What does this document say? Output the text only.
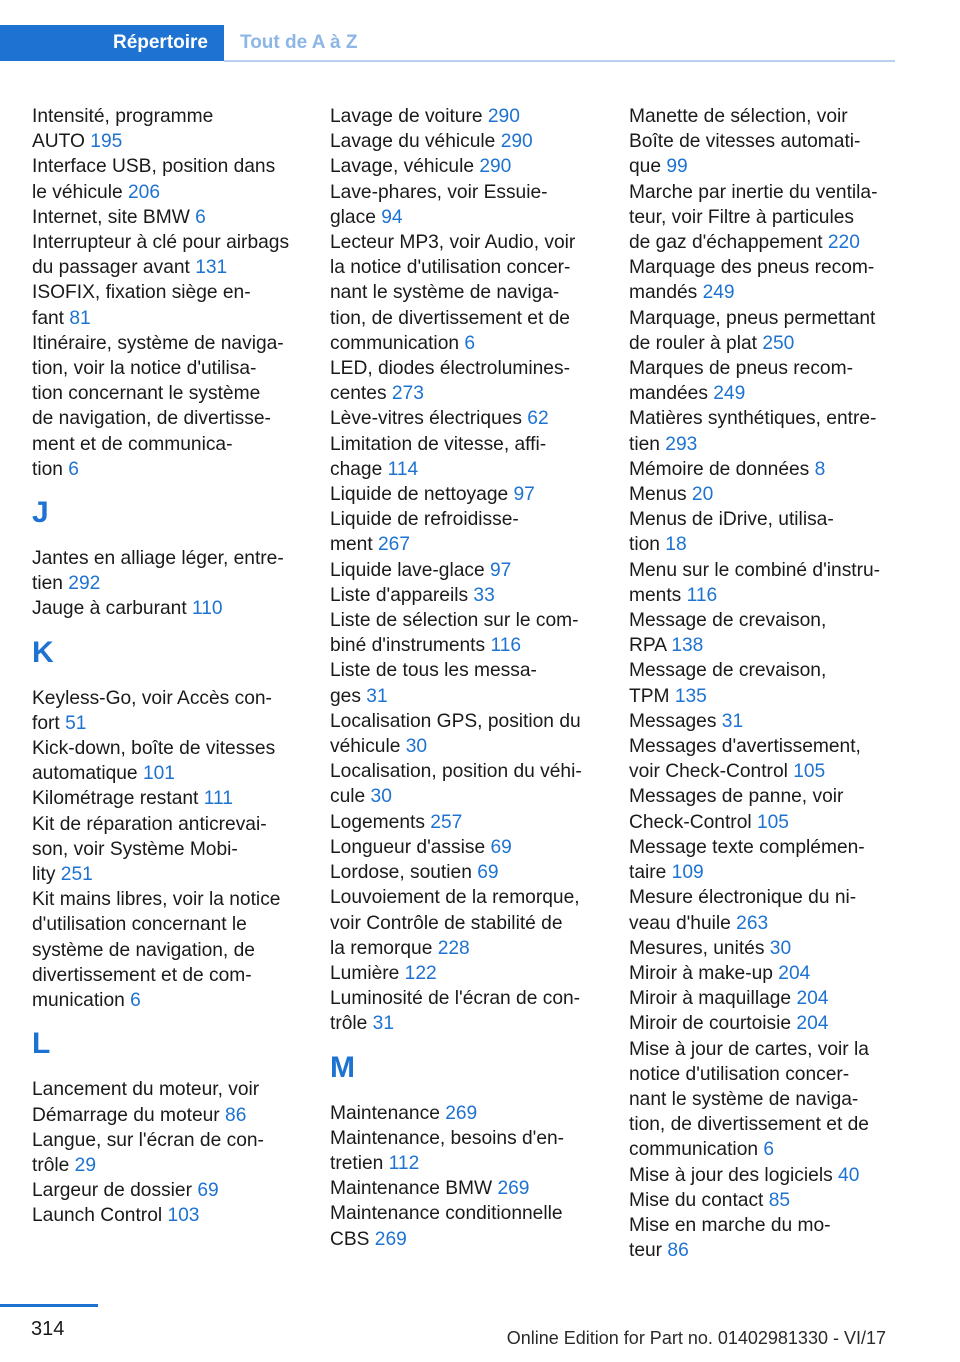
Répertoire	Tout de A à Z
Intensité, programme
AUTO 195
Interface USB, position dans
le véhicule 206
Internet, site BMW 6
Interrupteur à clé pour airbags
du passager avant 131
ISOFIX, fixation siège en-
fant 81
Itinéraire, système de naviga-
tion, voir la notice d'utilisa-
tion concernant le système
de navigation, de divertisse-
ment et de communica-
tion 6
J
Jantes en alliage léger, entre-
tien 292
Jauge à carburant 110
K
Keyless-Go, voir Accès con-
fort 51
Kick-down, boîte de vitesses
automatique 101
Kilométrage restant 111
Kit de réparation anticrevai-
son, voir Système Mobi-
lity 251
Kit mains libres, voir la notice
d'utilisation concernant le
système de navigation, de
divertissement et de com-
munication 6
L
Lancement du moteur, voir
Démarrage du moteur 86
Langue, sur l'écran de con-
trôle 29
Largeur de dossier 69
Launch Control 103
Lavage de voiture 290
Lavage du véhicule 290
Lavage, véhicule 290
Lave-phares, voir Essuie-
glace 94
Lecteur MP3, voir Audio, voir
la notice d'utilisation concer-
nant le système de naviga-
tion, de divertissement et de
communication 6
LED, diodes électrolumines-
centes 273
Lève-vitres électriques 62
Limitation de vitesse, affi-
chage 114
Liquide de nettoyage 97
Liquide de refroidisse-
ment 267
Liquide lave-glace 97
Liste d'appareils 33
Liste de sélection sur le com-
biné d'instruments 116
Liste de tous les messa-
ges 31
Localisation GPS, position du
véhicule 30
Localisation, position du véhi-
cule 30
Logements 257
Longueur d'assise 69
Lordose, soutien 69
Louvoiement de la remorque,
voir Contrôle de stabilité de
la remorque 228
Lumière 122
Luminosité de l'écran de con-
trôle 31
M
Maintenance 269
Maintenance, besoins d'en-
tretien 112
Maintenance BMW 269
Maintenance conditionnelle
CBS 269
Manette de sélection, voir
Boîte de vitesses automati-
que 99
Marche par inertie du ventila-
teur, voir Filtre à particules
de gaz d'échappement 220
Marquage des pneus recom-
mandés 249
Marquage, pneus permettant
de rouler à plat 250
Marques de pneus recom-
mandées 249
Matières synthétiques, entre-
tien 293
Mémoire de données 8
Menus 20
Menus de iDrive, utilisa-
tion 18
Menu sur le combiné d'instru-
ments 116
Message de crevaison,
RPA 138
Message de crevaison,
TPM 135
Messages 31
Messages d'avertissement,
voir Check-Control 105
Messages de panne, voir
Check-Control 105
Message texte complémen-
taire 109
Mesure électronique du ni-
veau d'huile 263
Mesures, unités 30
Miroir à make-up 204
Miroir à maquillage 204
Miroir de courtoisie 204
Mise à jour de cartes, voir la
notice d'utilisation concer-
nant le système de naviga-
tion, de divertissement et de
communication 6
Mise à jour des logiciels 40
Mise du contact 85
Mise en marche du mo-
teur 86
314	Online Edition for Part no. 01402981330 - VI/17
